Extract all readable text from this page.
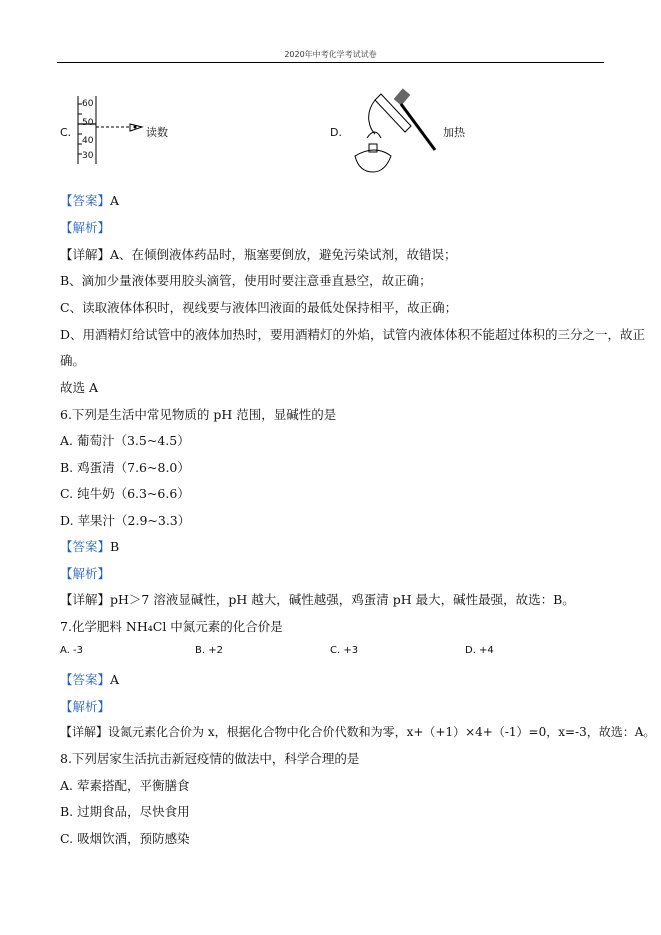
2020年中考化学考试试卷
C.
60
50
40
30
读数	D.	加热
【答案】A
【解析】
【详解】A、在倾倒液体药品时，瓶塞要倒放，避免污染试剂，故错误；
B、滴加少量液体要用胶头滴管，使用时要注意垂直悬空，故正确；
C、读取液体体积时，视线要与液体凹液面的最低处保持相平，故正确；
D、用酒精灯给试管中的液体加热时，要用酒精灯的外焰，试管内液体体积不能超过体积的三分之一，故正
确。
故选 A
6.下列是生活中常见物质的 pH 范围，显碱性的是
A. 葡萄汁（3.5~4.5）
B. 鸡蛋清（7.6~8.0）
C. 纯牛奶（6.3~6.6）
D. 苹果汁（2.9~3.3）
【答案】B
【解析】
【详解】pH＞7 溶液显碱性，pH 越大，碱性越强，鸡蛋清 pH 最大，碱性最强，故选：B。
7.化学肥料 NH₄Cl 中氮元素的化合价是
A. -3	B. +2	C. +3	D. +4
【答案】A
【解析】
【详解】设氮元素化合价为 x，根据化合物中化合价代数和为零，x+（+1）×4+（-1）=0，x=-3，故选：A。
8.下列居家生活抗击新冠疫情的做法中，科学合理的是
A. 荤素搭配，平衡膳食
B. 过期食品，尽快食用
C. 吸烟饮酒，预防感染
